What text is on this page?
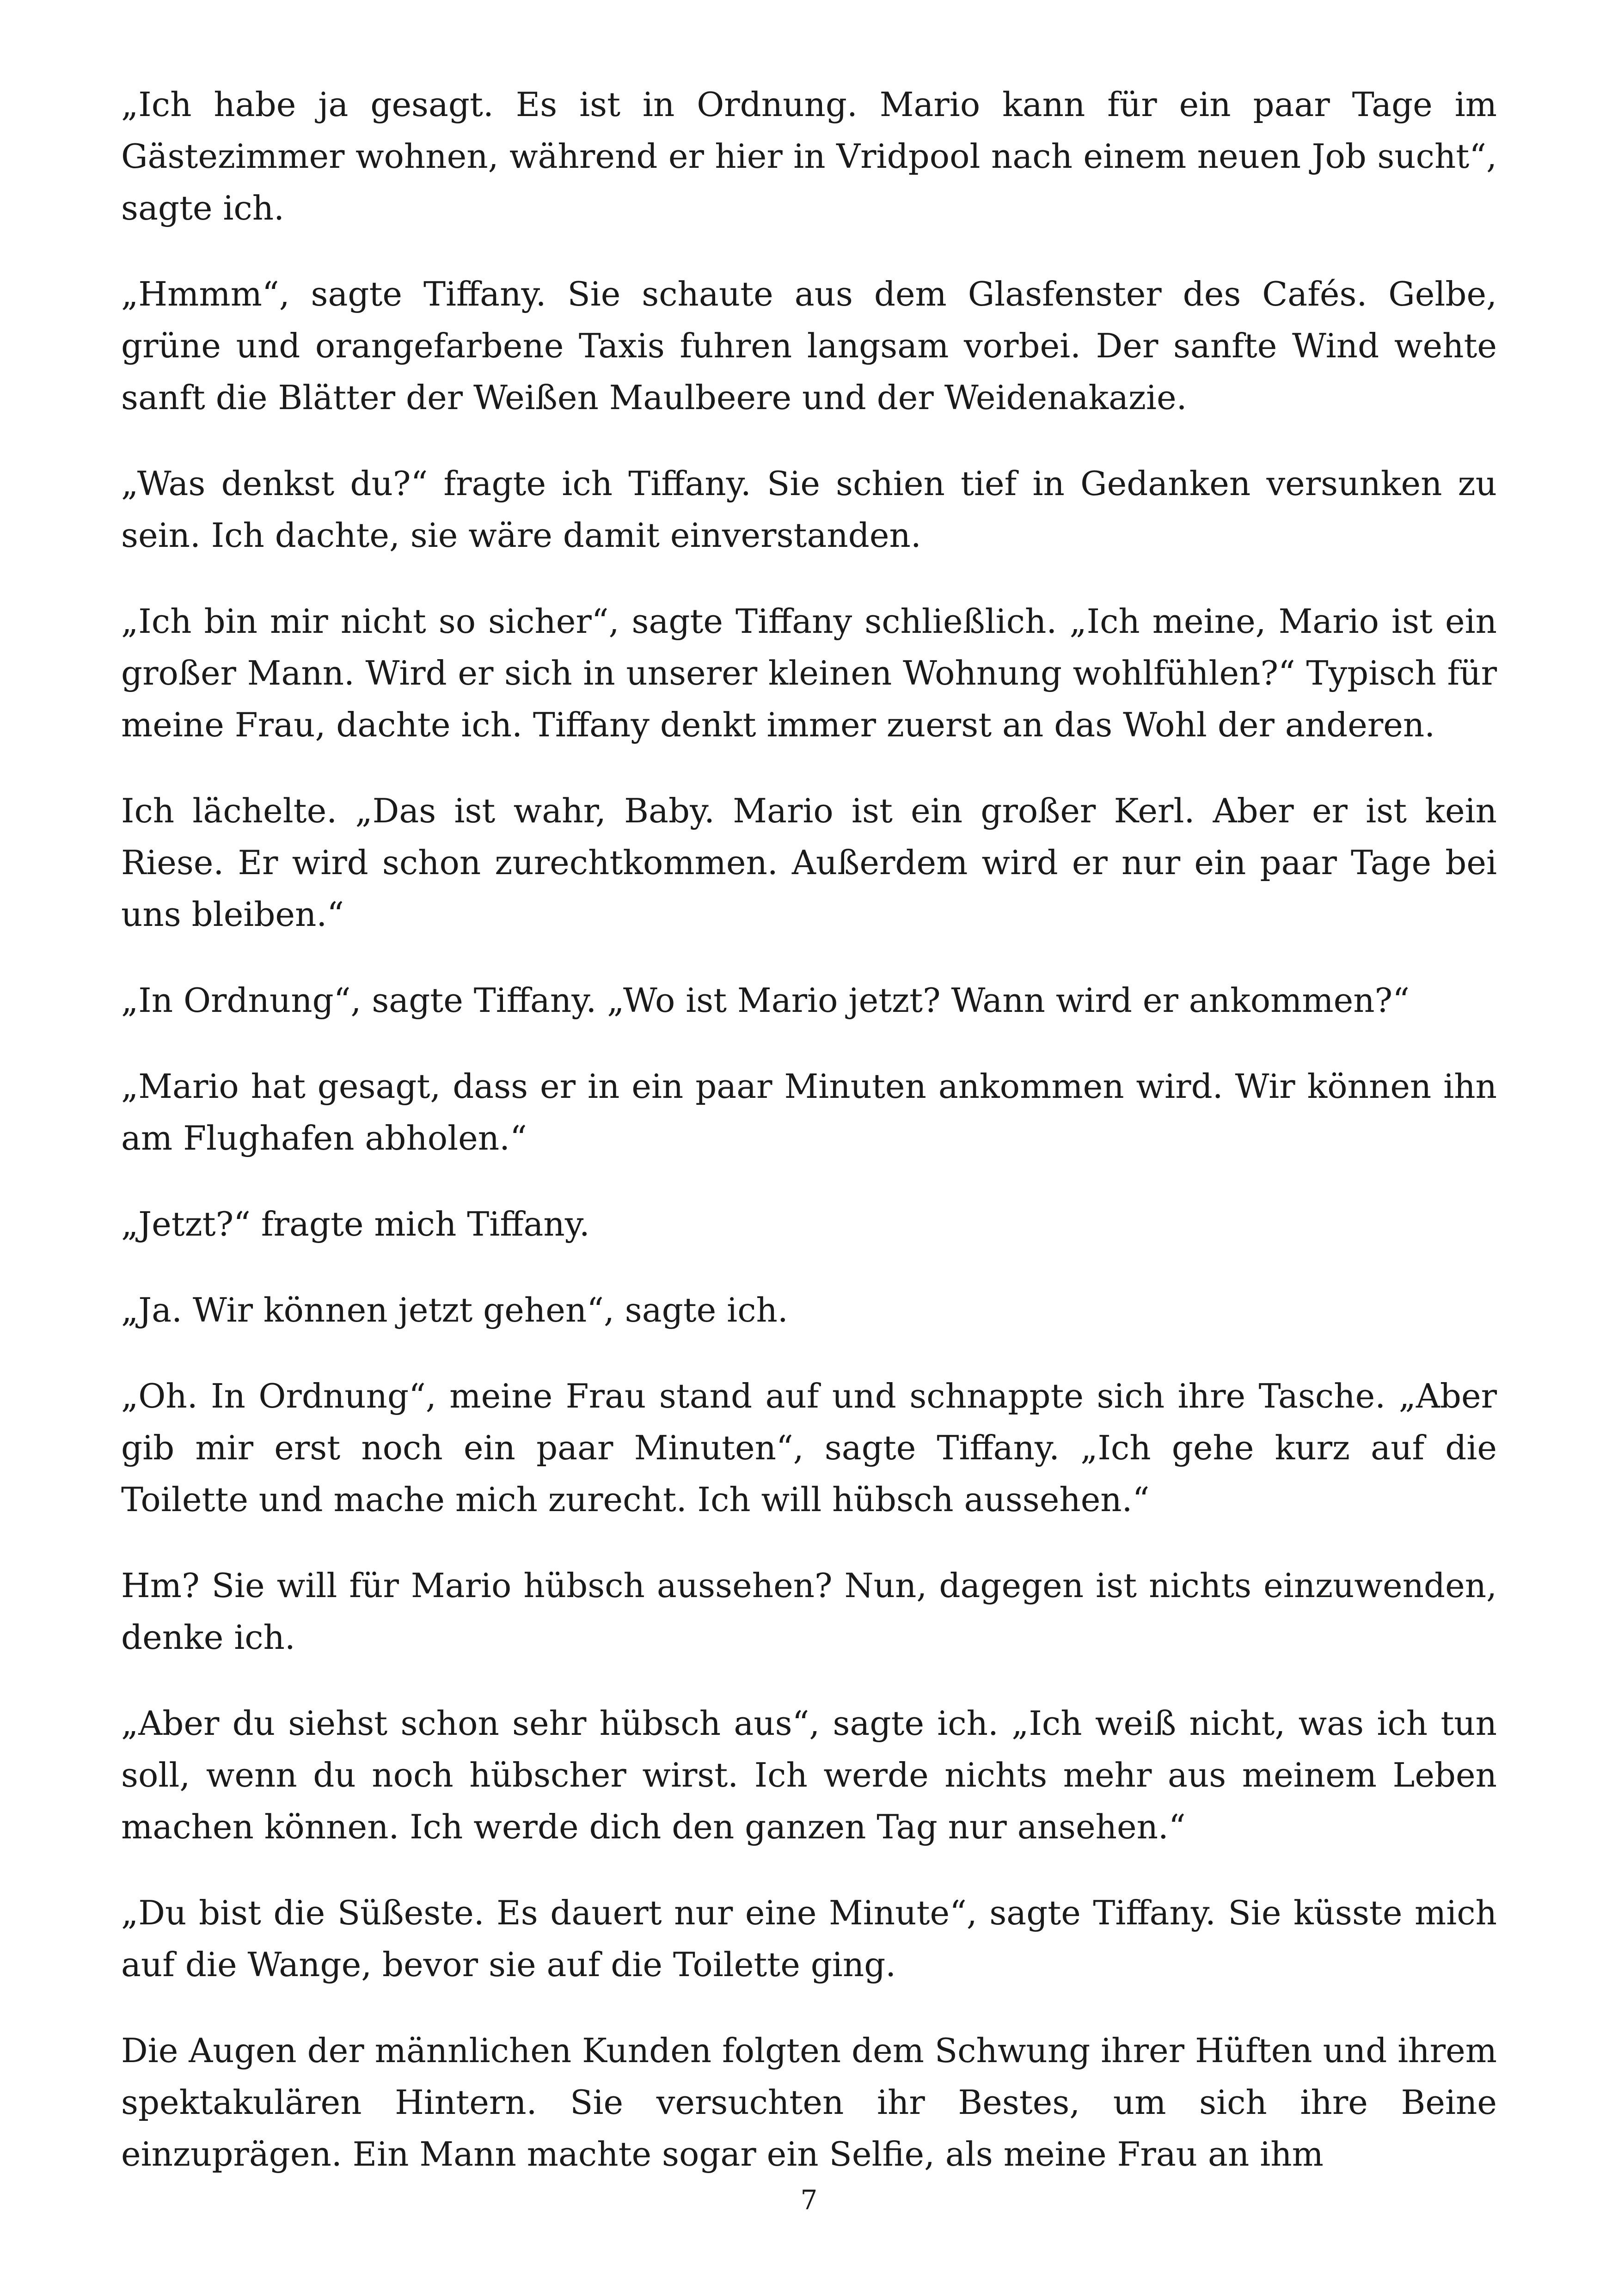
„Ich habe ja gesagt. Es ist in Ordnung. Mario kann für ein paar Tage im Gästezimmer wohnen, während er hier in Vridpool nach einem neuen Job sucht“, sagte ich.

„Hmmm“, sagte Tiffany. Sie schaute aus dem Glasfenster des Cafés. Gelbe, grüne und orangefarbene Taxis fuhren langsam vorbei. Der sanfte Wind wehte sanft die Blätter der Weißen Maulbeere und der Weidenakazie.

„Was denkst du?“ fragte ich Tiffany. Sie schien tief in Gedanken versunken zu sein. Ich dachte, sie wäre damit einverstanden.

„Ich bin mir nicht so sicher“, sagte Tiffany schließlich. „Ich meine, Mario ist ein großer Mann. Wird er sich in unserer kleinen Wohnung wohlfühlen?“ Typisch für meine Frau, dachte ich. Tiffany denkt immer zuerst an das Wohl der anderen.

Ich lächelte. „Das ist wahr, Baby. Mario ist ein großer Kerl. Aber er ist kein Riese. Er wird schon zurechtkommen. Außerdem wird er nur ein paar Tage bei uns bleiben.“

„In Ordnung“, sagte Tiffany. „Wo ist Mario jetzt? Wann wird er ankommen?“

„Mario hat gesagt, dass er in ein paar Minuten ankommen wird. Wir können ihn am Flughafen abholen.“

„Jetzt?“ fragte mich Tiffany.

„Ja. Wir können jetzt gehen“, sagte ich.

„Oh. In Ordnung“, meine Frau stand auf und schnappte sich ihre Tasche. „Aber gib mir erst noch ein paar Minuten“, sagte Tiffany. „Ich gehe kurz auf die Toilette und mache mich zurecht. Ich will hübsch aussehen.“

Hm? Sie will für Mario hübsch aussehen? Nun, dagegen ist nichts einzuwenden, denke ich.

„Aber du siehst schon sehr hübsch aus“, sagte ich. „Ich weiß nicht, was ich tun soll, wenn du noch hübscher wirst. Ich werde nichts mehr aus meinem Leben machen können. Ich werde dich den ganzen Tag nur ansehen.“

„Du bist die Süßeste. Es dauert nur eine Minute“, sagte Tiffany. Sie küsste mich auf die Wange, bevor sie auf die Toilette ging.

Die Augen der männlichen Kunden folgten dem Schwung ihrer Hüften und ihrem spektakulären Hintern. Sie versuchten ihr Bestes, um sich ihre Beine einzuprägen. Ein Mann machte sogar ein Selfie, als meine Frau an ihm

7
